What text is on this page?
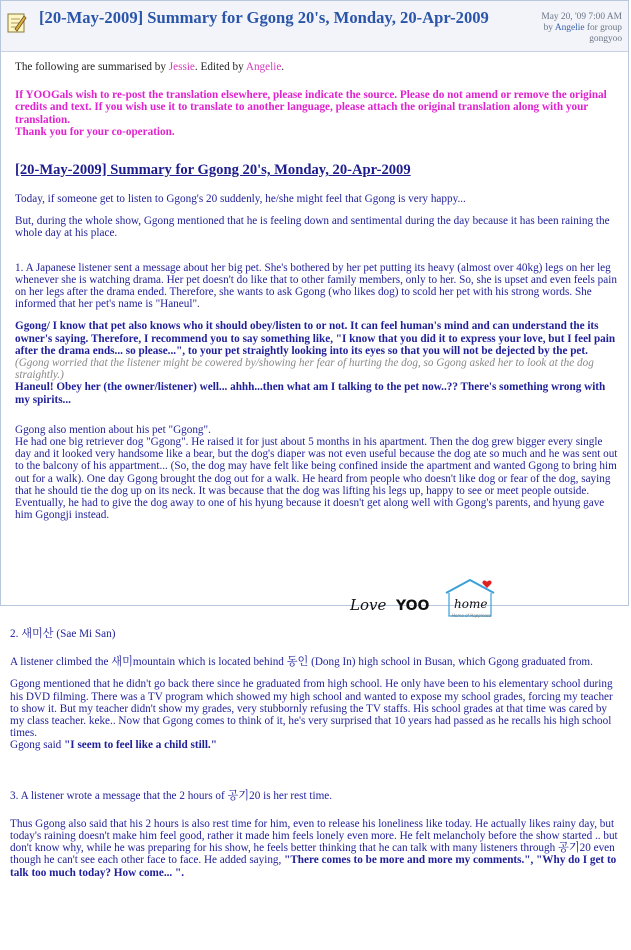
[20-May-2009] Summary for Ggong 20's, Monday, 20-Apr-2009	May 20, '09 7:00 AM
by Angelie for group
gongyoo
The following are summarised by Jessie. Edited by Angelie.
If YOOGals wish to re-post the translation elsewhere, please indicate the source. Please do not amend or remove the original credits and text. If you wish use it to translate to another language, please attach the original translation along with your translation.
Thank you for your co-operation.
[20-May-2009] Summary for Ggong 20's, Monday, 20-Apr-2009

Today, if someone get to listen to Ggong's 20 suddenly, he/she might feel that Ggong is very happy...

But, during the whole show, Ggong mentioned that he is feeling down and sentimental during the day because it has been raining the whole day at his place.

1. A Japanese listener sent a message about her big pet. She's bothered by her pet putting its heavy (almost over 40kg) legs on her leg whenever she is watching drama. Her pet doesn't do like that to other family members, only to her. So, she is upset and even feels pain on her legs after the drama ended. Therefore, she wants to ask Ggong (who likes dog) to scold her pet with his strong words. She informed that her pet's name is "Haneul".

Ggong/ I know that pet also knows who it should obey/listen to or not. It can feel human's mind and can understand the its owner's saying. Therefore, I recommend you to say something like, "I know that you did it to express your love, but I feel pain after the drama ends... so please...", to your pet straightly looking into its eyes so that you will not be dejected by the pet. (Ggong worried that the listener might be cowered by/showing her fear of hurting the dog, so Ggong asked her to look at the dog straightly.)

Haneul! Obey her (the owner/listener) well... ahhh...then what am I talking to the pet now..?? There's something wrong with my spirits...

Ggong also mention about his pet "Ggong".

He had one big retriever dog "Ggong". He raised it for just about 5 months in his apartment. Then the dog grew bigger every single day and it looked very handsome like a bear, but the dog's diaper was not even useful because the dog ate so much and he was sent out to the balcony of his appartment... (So, the dog may have felt like being confined inside the apartment and wanted Ggong to bring him out for a walk). One day Ggong brought the dog out for a walk. He heard from people who doesn't like dog or fear of the dog, saying that he should tie the dog up on its neck. It was because that the dog was lifting his legs up, happy to see or meet people outside. Eventually, he had to give the dog away to one of his hyung because it doesn't get along well with Ggong's parents, and hyung gave him Ggongji instead.

Love YOO home
Home of Happiness

2. 새미산 (Sae Mi San)

A listener climbed the 새미mountain which is located behind 동인 (Dong In) high school in Busan, which Ggong graduated from.

Ggong mentioned that he didn't go back there since he graduated from high school. He only have been to his elementary school during his DVD filming. There was a TV program which showed my high school and wanted to expose my school grades, forcing my teacher to show it. But my teacher didn't show my grades, very stubbornly refusing the TV staffs. His school grades at that time was cared by my class teacher. keke.. Now that Ggong comes to think of it, he's very surprised that 10 years had passed as he recalls his high school times.
Ggong said "I seem to feel like a child still."

3. A listener wrote a message that the 2 hours of 공기20 is her rest time.

Thus Ggong also said that his 2 hours is also rest time for him, even to release his loneliness like today. He actually likes rainy day, but today's raining doesn't make him feel good, rather it made him feels lonely even more. He felt melancholy before the show started .. but don't know why, while he was preparing for his show, he feels better thinking that he can talk with many listeners through 공기20 even though he can't see each other face to face. He added saying, "There comes to be more and more my comments.", "Why do I get to talk too much today? How come... ".
